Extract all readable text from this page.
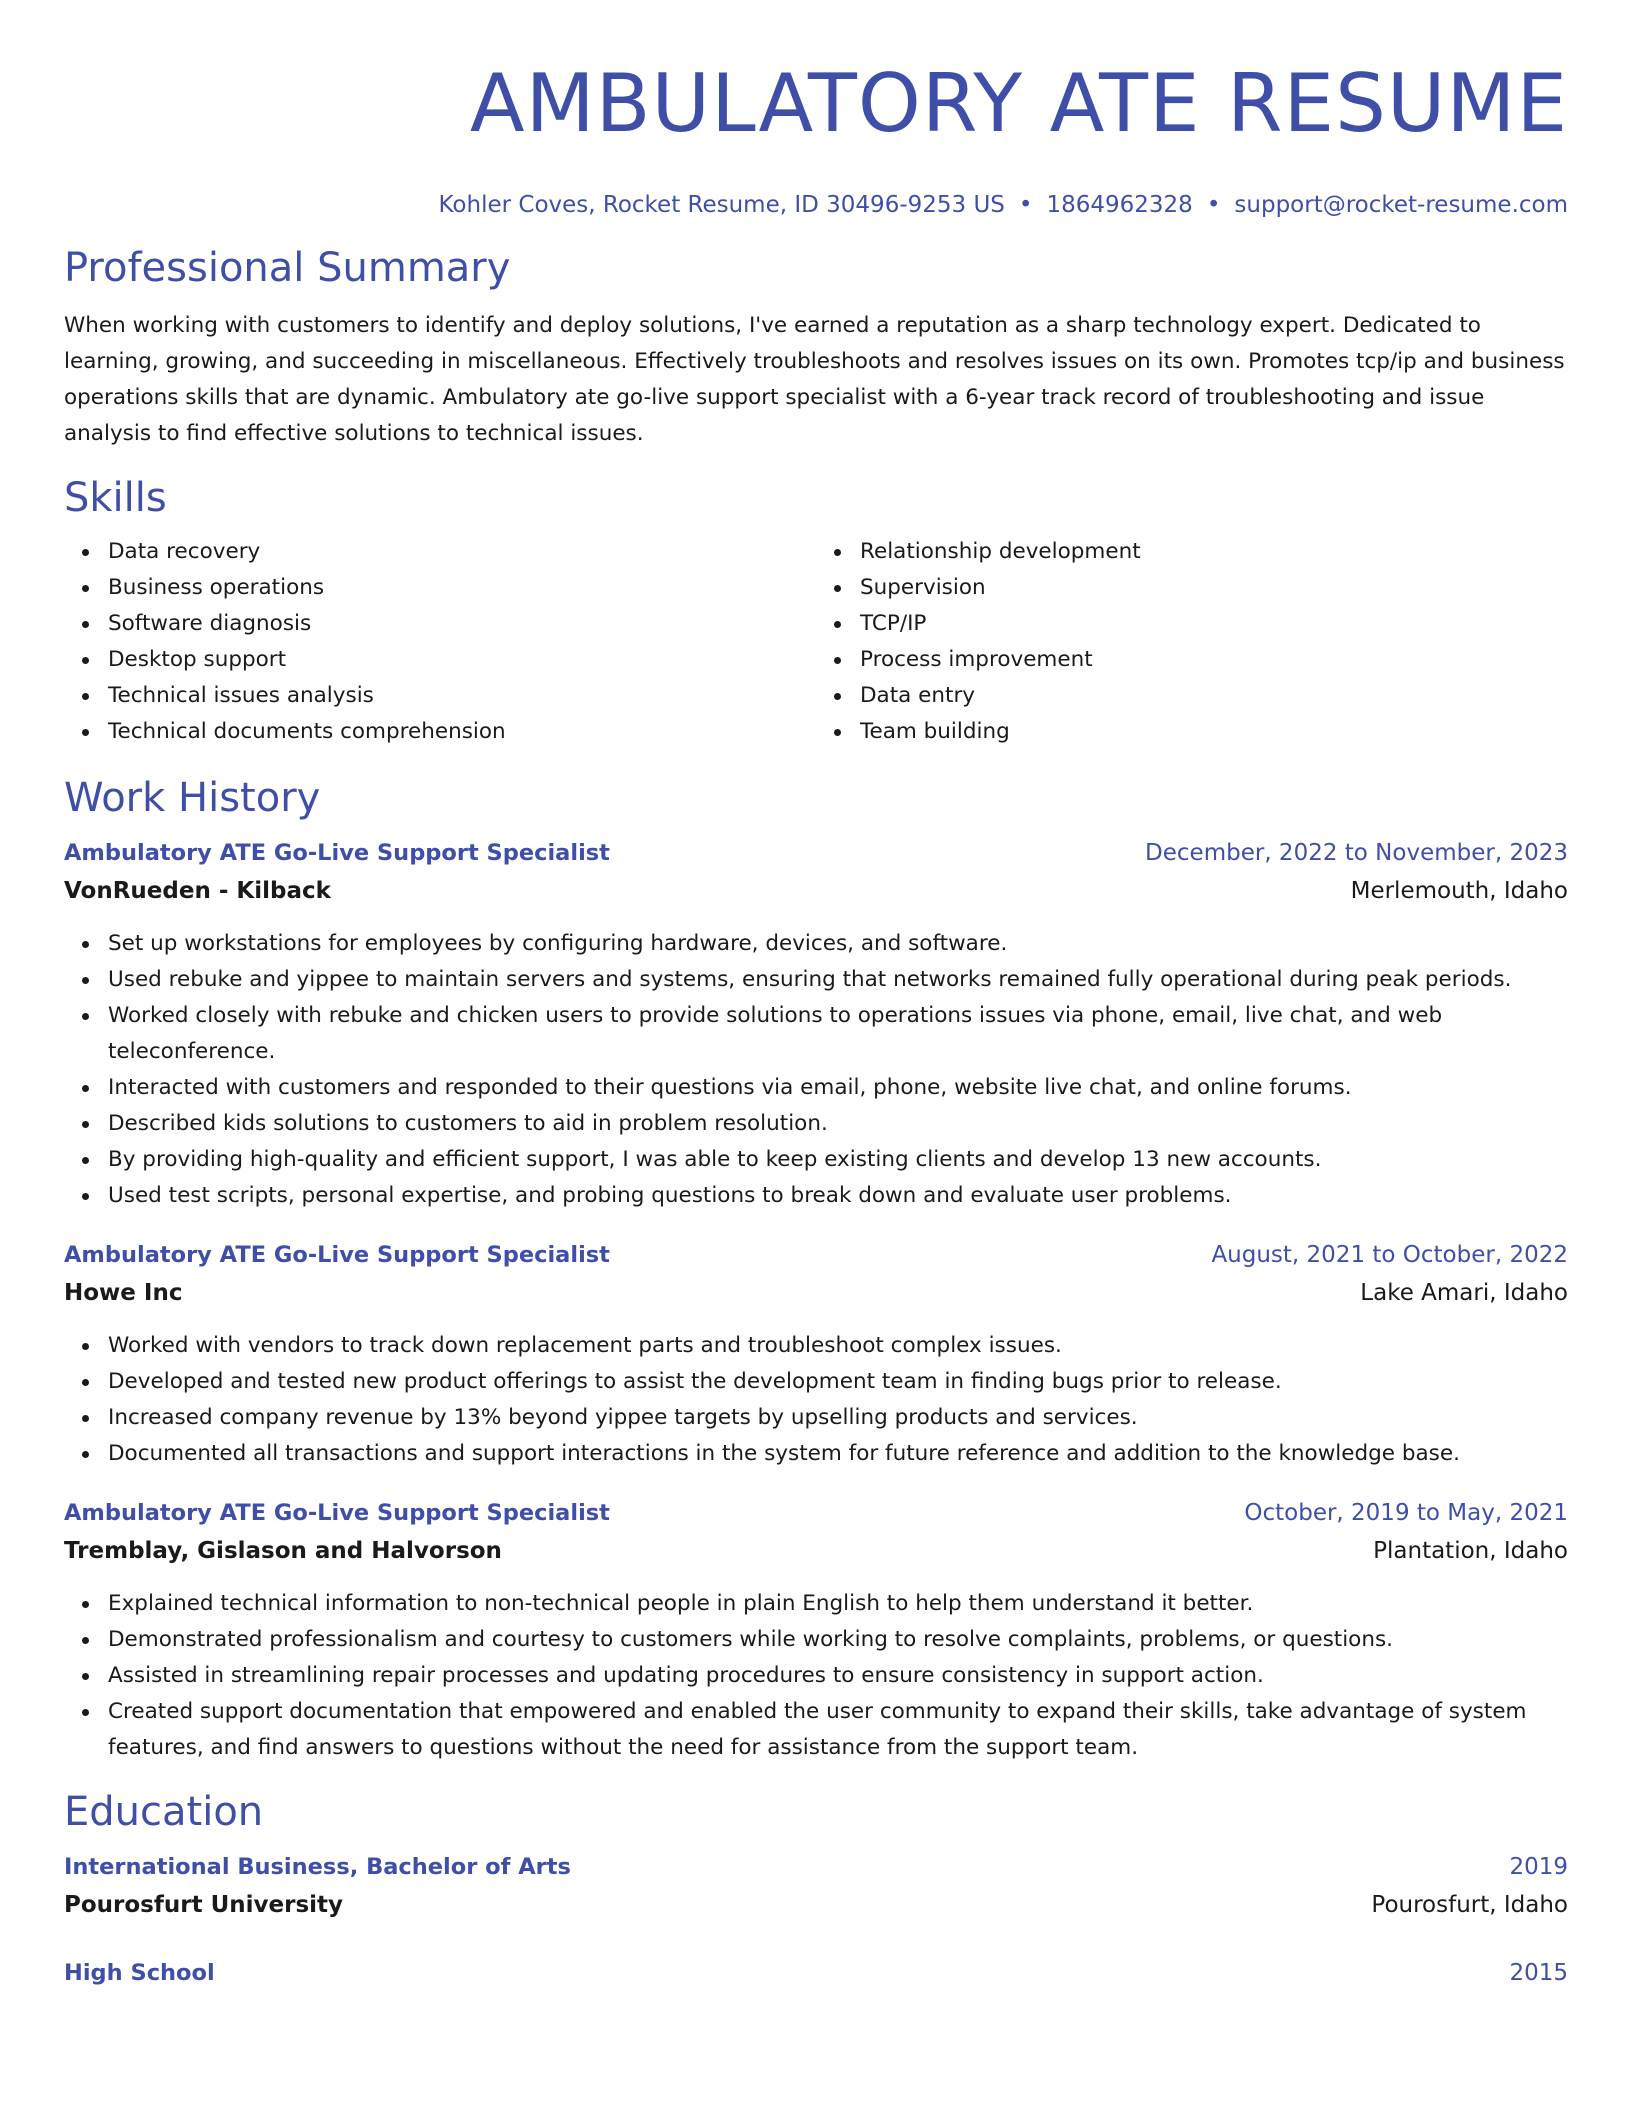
AMBULATORY ATE RESUME
Kohler Coves, Rocket Resume, ID 30496-9253 US • 1864962328 • support@rocket-resume.com
Professional Summary

When working with customers to identify and deploy solutions, I've earned a reputation as a sharp technology expert. Dedicated to learning, growing, and succeeding in miscellaneous. Effectively troubleshoots and resolves issues on its own. Promotes tcp/ip and business operations skills that are dynamic. Ambulatory ate go-live support specialist with a 6-year track record of troubleshooting and issue analysis to find effective solutions to technical issues.

Skills
Data recovery
Business operations
Software diagnosis
Desktop support
Technical issues analysis
Technical documents comprehension
Relationship development
Supervision
TCP/IP
Process improvement
Data entry
Team building
Work History
Ambulatory ATE Go-Live Support Specialist	December, 2022 to November, 2023
VonRueden - Kilback	Merlemouth, Idaho
Set up workstations for employees by configuring hardware, devices, and software.
Used rebuke and yippee to maintain servers and systems, ensuring that networks remained fully operational during peak periods.
Worked closely with rebuke and chicken users to provide solutions to operations issues via phone, email, live chat, and web teleconference.
Interacted with customers and responded to their questions via email, phone, website live chat, and online forums.
Described kids solutions to customers to aid in problem resolution.
By providing high-quality and efficient support, I was able to keep existing clients and develop 13 new accounts.
Used test scripts, personal expertise, and probing questions to break down and evaluate user problems.
Ambulatory ATE Go-Live Support Specialist	August, 2021 to October, 2022
Howe Inc	Lake Amari, Idaho
Worked with vendors to track down replacement parts and troubleshoot complex issues.
Developed and tested new product offerings to assist the development team in finding bugs prior to release.
Increased company revenue by 13% beyond yippee targets by upselling products and services.
Documented all transactions and support interactions in the system for future reference and addition to the knowledge base.
Ambulatory ATE Go-Live Support Specialist	October, 2019 to May, 2021
Tremblay, Gislason and Halvorson	Plantation, Idaho
Explained technical information to non-technical people in plain English to help them understand it better.
Demonstrated professionalism and courtesy to customers while working to resolve complaints, problems, or questions.
Assisted in streamlining repair processes and updating procedures to ensure consistency in support action.
Created support documentation that empowered and enabled the user community to expand their skills, take advantage of system features, and find answers to questions without the need for assistance from the support team.
Education
International Business, Bachelor of Arts	2019
Pourosfurt University	Pourosfurt, Idaho
High School	2015
